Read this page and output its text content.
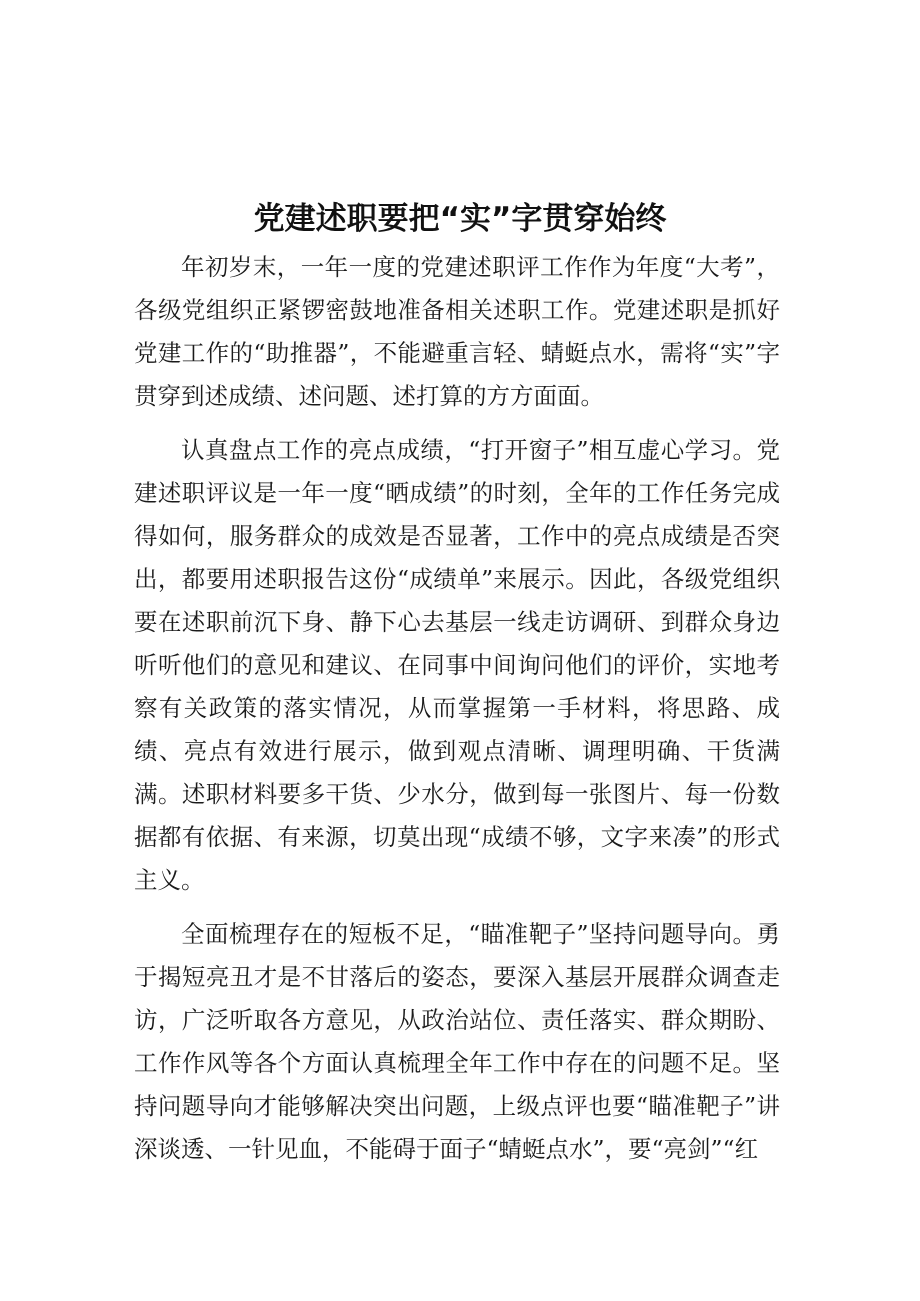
党建述职要把“实”字贯穿始终

年初岁末，一年一度的党建述职评工作作为年度“大考”，各级党组织正紧锣密鼓地准备相关述职工作。党建述职是抓好党建工作的“助推器”，不能避重言轻、蜻蜓点水，需将“实”字贯穿到述成绩、述问题、述打算的方方面面。

认真盘点工作的亮点成绩，“打开窗子”相互虚心学习。党建述职评议是一年一度“晒成绩”的时刻，全年的工作任务完成得如何，服务群众的成效是否显著，工作中的亮点成绩是否突出，都要用述职报告这份“成绩单”来展示。因此，各级党组织要在述职前沉下身、静下心去基层一线走访调研、到群众身边听听他们的意见和建议、在同事中间询问他们的评价，实地考察有关政策的落实情况，从而掌握第一手材料，将思路、成绩、亮点有效进行展示，做到观点清晰、调理明确、干货满满。述职材料要多干货、少水分，做到每一张图片、每一份数据都有依据、有来源，切莫出现“成绩不够，文字来凑”的形式主义。

全面梳理存在的短板不足，“瞄准靶子”坚持问题导向。勇于揭短亮丑才是不甘落后的姿态，要深入基层开展群众调查走访，广泛听取各方意见，从政治站位、责任落实、群众期盼、工作作风等各个方面认真梳理全年工作中存在的问题不足。坚持问题导向才能够解决突出问题，上级点评也要“瞄准靶子”讲深谈透、一针见血，不能碍于面子“蜻蜓点水”，要“亮剑”“红
